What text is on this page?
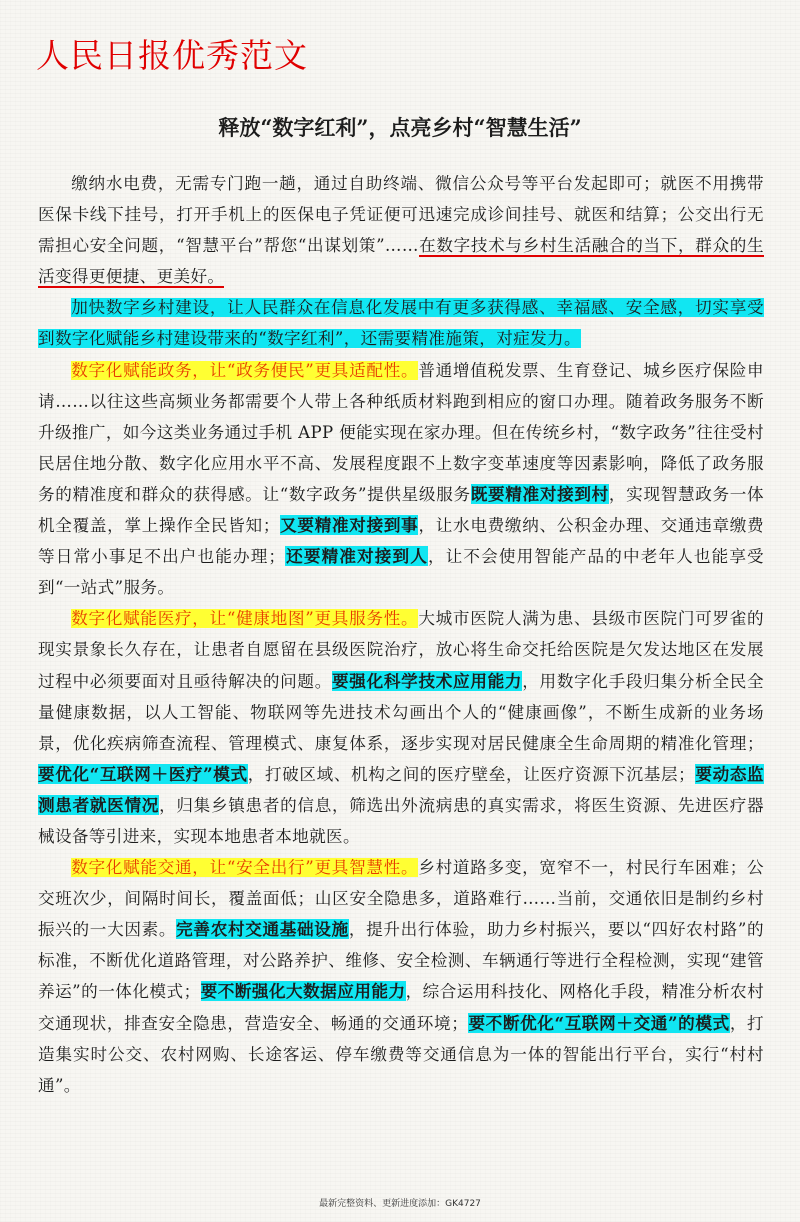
人民日报优秀范文
释放“数字红利”，点亮乡村“智慧生活”

缴纳水电费，无需专门跑一趟，通过自助终端、微信公众号等平台发起即可；就医不用携带医保卡线下挂号，打开手机上的医保电子凭证便可迅速完成诊间挂号、就医和结算；公交出行无需担心安全问题，“智慧平台”帮您“出谋划策”……在数字技术与乡村生活融合的当下，群众的生活变得更便捷、更美好。

加快数字乡村建设，让人民群众在信息化发展中有更多获得感、幸福感、安全感，切实享受到数字化赋能乡村建设带来的“数字红利”，还需要精准施策，对症发力。

数字化赋能政务，让“政务便民”更具适配性。普通增值税发票、生育登记、城乡医疗保险申请……以往这些高频业务都需要个人带上各种纸质材料跑到相应的窗口办理。随着政务服务不断升级推广，如今这类业务通过手机 APP 便能实现在家办理。但在传统乡村，“数字政务”往往受村民居住地分散、数字化应用水平不高、发展程度跟不上数字变革速度等因素影响，降低了政务服务的精准度和群众的获得感。让“数字政务”提供星级服务既要精准对接到村，实现智慧政务一体机全覆盖，掌上操作全民皆知；又要精准对接到事，让水电费缴纳、公积金办理、交通违章缴费等日常小事足不出户也能办理；还要精准对接到人，让不会使用智能产品的中老年人也能享受到“一站式”服务。

数字化赋能医疗，让“健康地图”更具服务性。大城市医院人满为患、县级市医院门可罗雀的现实景象长久存在，让患者自愿留在县级医院治疗，放心将生命交托给医院是欠发达地区在发展过程中必须要面对且亟待解决的问题。要强化科学技术应用能力，用数字化手段归集分析全民全量健康数据，以人工智能、物联网等先进技术勾画出个人的“健康画像”，不断生成新的业务场景，优化疾病筛查流程、管理模式、康复体系，逐步实现对居民健康全生命周期的精准化管理；要优化“互联网＋医疗”模式，打破区域、机构之间的医疗壁垒，让医疗资源下沉基层；要动态监测患者就医情况，归集乡镇患者的信息，筛选出外流病患的真实需求，将医生资源、先进医疗器械设备等引进来，实现本地患者本地就医。

数字化赋能交通，让“安全出行”更具智慧性。乡村道路多变，宽窄不一，村民行车困难；公交班次少，间隔时间长，覆盖面低；山区安全隐患多，道路难行……当前，交通依旧是制约乡村振兴的一大因素。完善农村交通基础设施，提升出行体验，助力乡村振兴，要以“四好农村路”的标准，不断优化道路管理，对公路养护、维修、安全检测、车辆通行等进行全程检测，实现“建管养运”的一体化模式；要不断强化大数据应用能力，综合运用科技化、网格化手段，精准分析农村交通现状，排查安全隐患，营造安全、畅通的交通环境；要不断优化“互联网＋交通”的模式，打造集实时公交、农村网购、长途客运、停车缴费等交通信息为一体的智能出行平台，实行“村村通”。

最新完整资料、更新进度添加：GK4727
